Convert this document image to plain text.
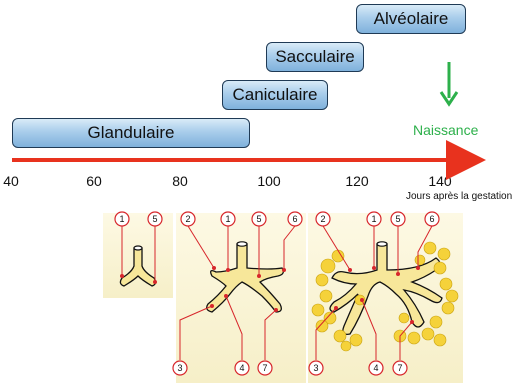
Glandulaire
Caniculaire
Sacculaire
Alvéolaire
Naissance
40	60	80	100	120	140
Jours après la gestation
1	5	2	1	5	6
3	4 7
2	1 5	6
3	4 7
